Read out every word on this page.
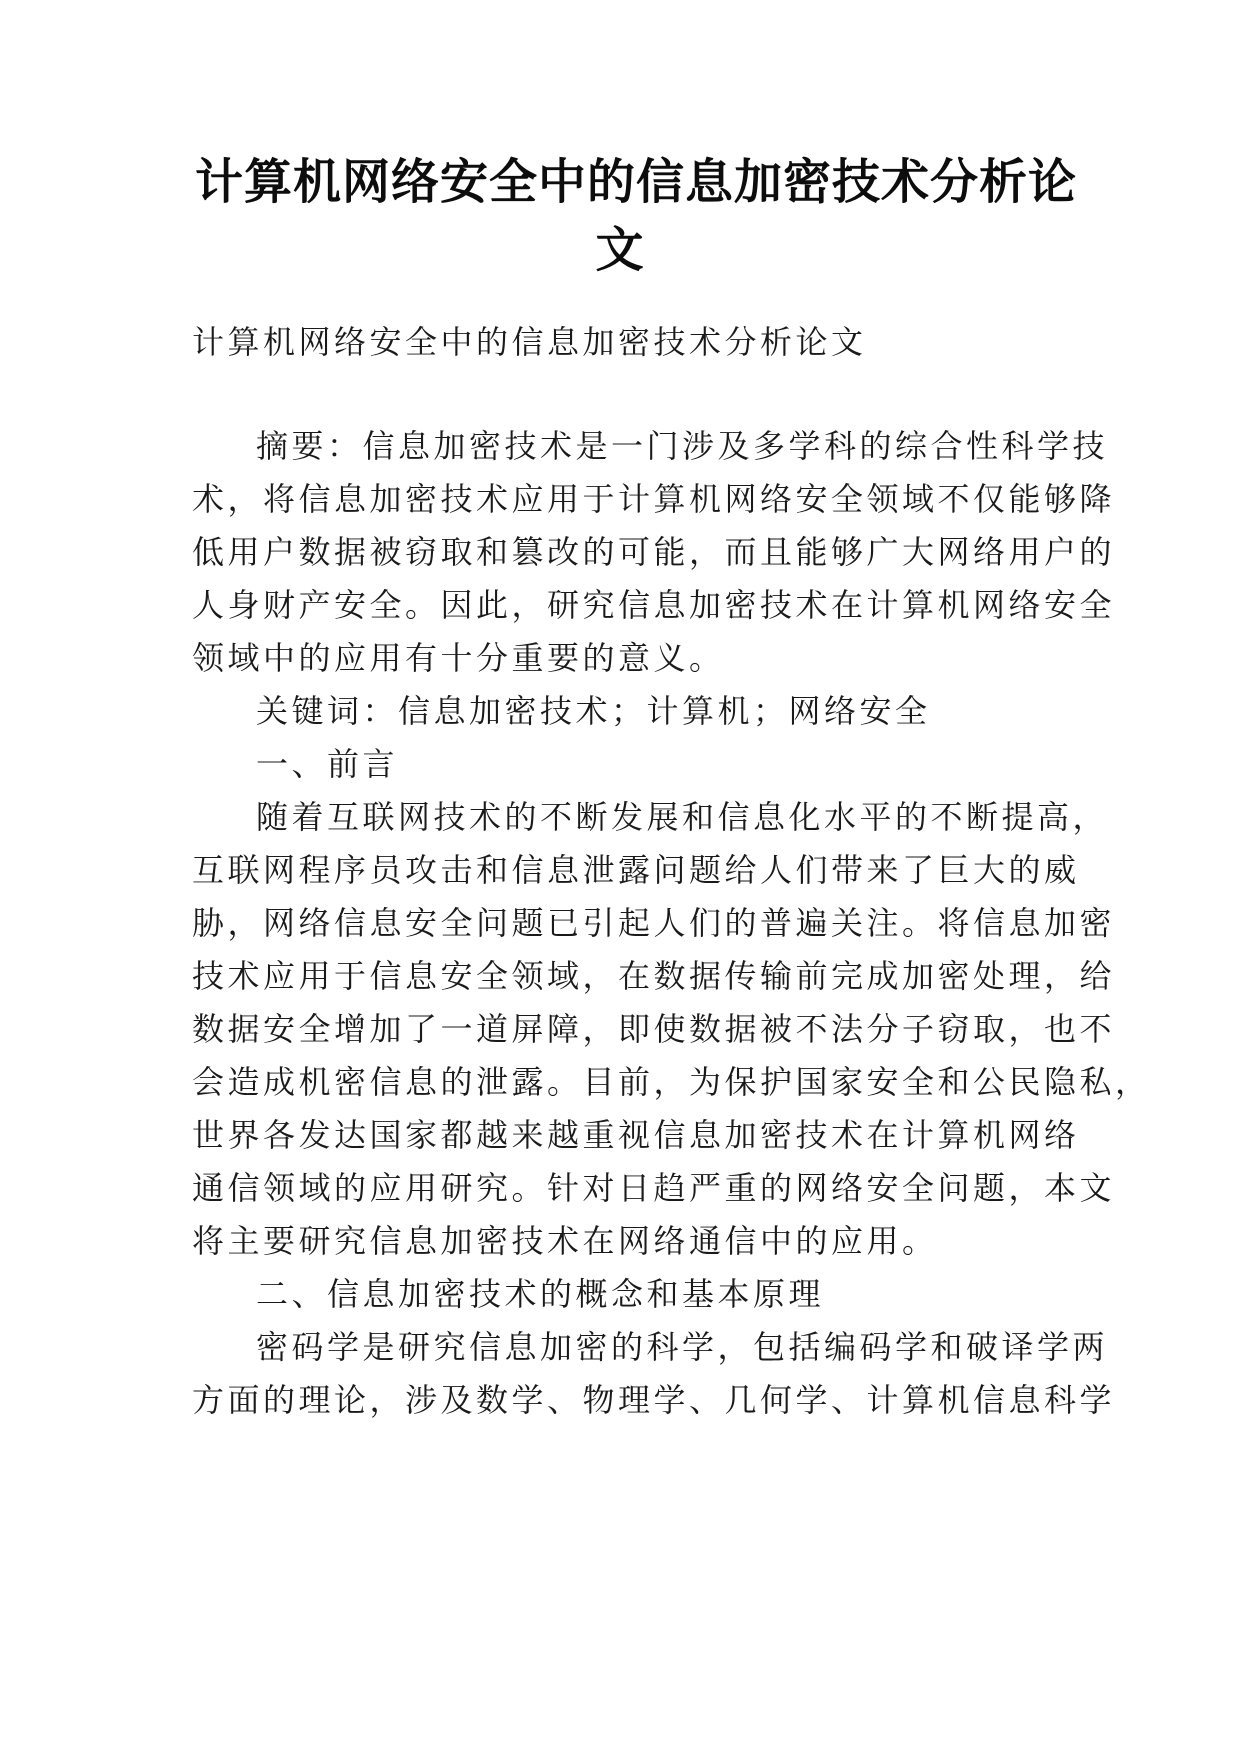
计算机网络安全中的信息加密技术分析论
文
计算机网络安全中的信息加密技术分析论文
摘要：信息加密技术是一门涉及多学科的综合性科学技
术，将信息加密技术应用于计算机网络安全领域不仅能够降
低用户数据被窃取和篡改的可能，而且能够广大网络用户的
人身财产安全。因此，研究信息加密技术在计算机网络安全
领域中的应用有十分重要的意义。
关键词：信息加密技术；计算机；网络安全
一、前言
随着互联网技术的不断发展和信息化水平的不断提高，
互联网程序员攻击和信息泄露问题给人们带来了巨大的威
胁，网络信息安全问题已引起人们的普遍关注。将信息加密
技术应用于信息安全领域，在数据传输前完成加密处理，给
数据安全增加了一道屏障，即使数据被不法分子窃取，也不
会造成机密信息的泄露。目前，为保护国家安全和公民隐私，
世界各发达国家都越来越重视信息加密技术在计算机网络
通信领域的应用研究。针对日趋严重的网络安全问题，本文
将主要研究信息加密技术在网络通信中的应用。
二、信息加密技术的概念和基本原理
密码学是研究信息加密的科学，包括编码学和破译学两
方面的理论，涉及数学、物理学、几何学、计算机信息科学
